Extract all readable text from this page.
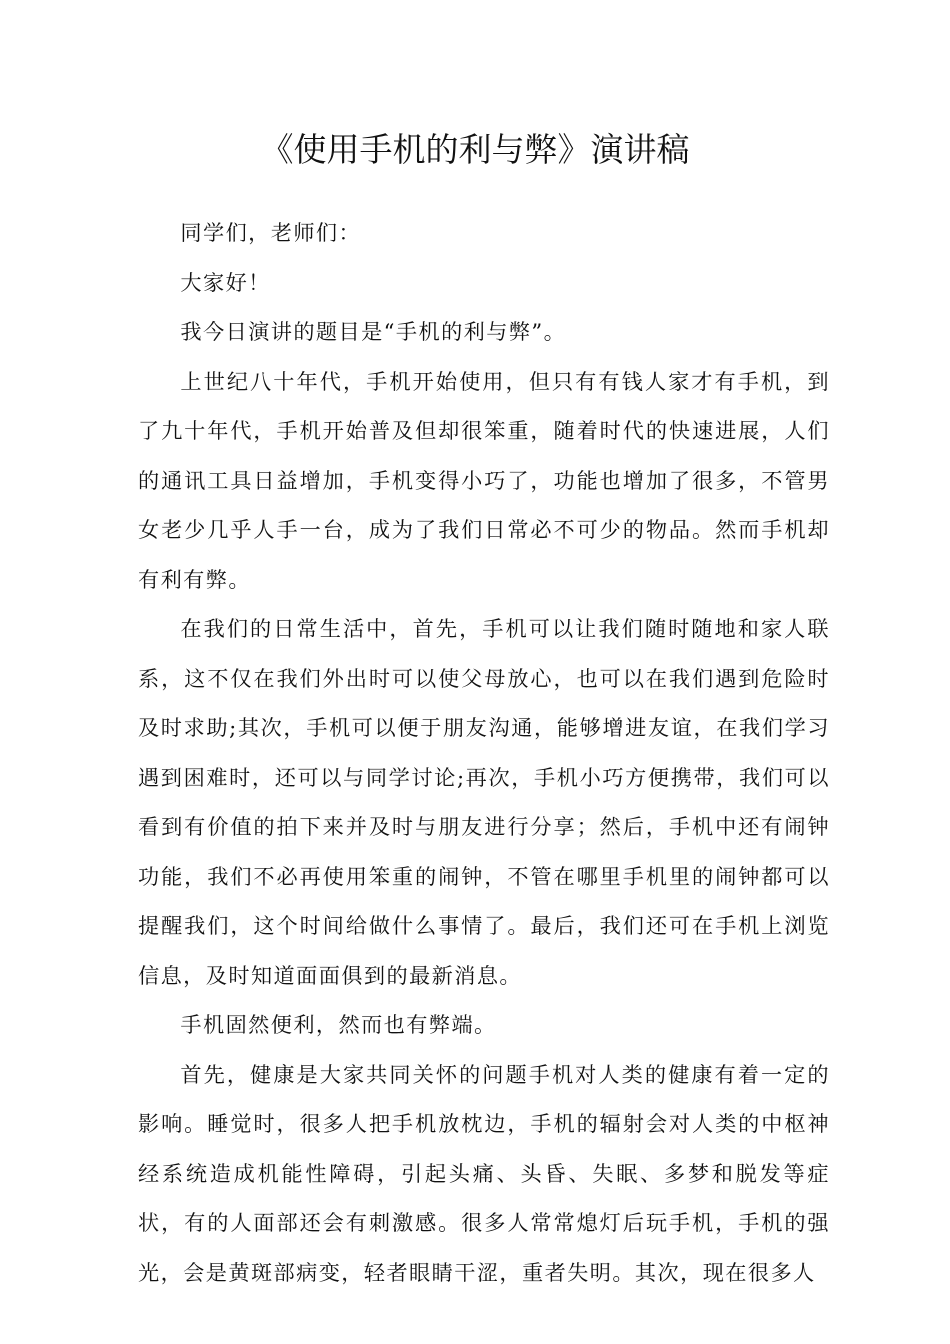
《使用手机的利与弊》演讲稿

同学们，老师们：

大家好！

我今日演讲的题目是“手机的利与弊”。

上世纪八十年代，手机开始使用，但只有有钱人家才有手机，到了九十年代，手机开始普及但却很笨重，随着时代的快速进展，人们的通讯工具日益增加，手机变得小巧了，功能也增加了很多，不管男女老少几乎人手一台，成为了我们日常必不可少的物品。然而手机却有利有弊。

在我们的日常生活中，首先，手机可以让我们随时随地和家人联系，这不仅在我们外出时可以使父母放心，也可以在我们遇到危险时及时求助;其次，手机可以便于朋友沟通，能够增进友谊，在我们学习遇到困难时，还可以与同学讨论;再次，手机小巧方便携带，我们可以看到有价值的拍下来并及时与朋友进行分享；然后，手机中还有闹钟功能，我们不必再使用笨重的闹钟，不管在哪里手机里的闹钟都可以提醒我们，这个时间给做什么事情了。最后，我们还可在手机上浏览信息，及时知道面面俱到的最新消息。

手机固然便利，然而也有弊端。

首先，健康是大家共同关怀的问题手机对人类的健康有着一定的影响。睡觉时，很多人把手机放枕边，手机的辐射会对人类的中枢神经系统造成机能性障碍，引起头痛、头昏、失眠、多梦和脱发等症状，有的人面部还会有刺激感。很多人常常熄灯后玩手机，手机的强光，会是黄斑部病变，轻者眼睛干涩，重者失明。其次，现在很多人
